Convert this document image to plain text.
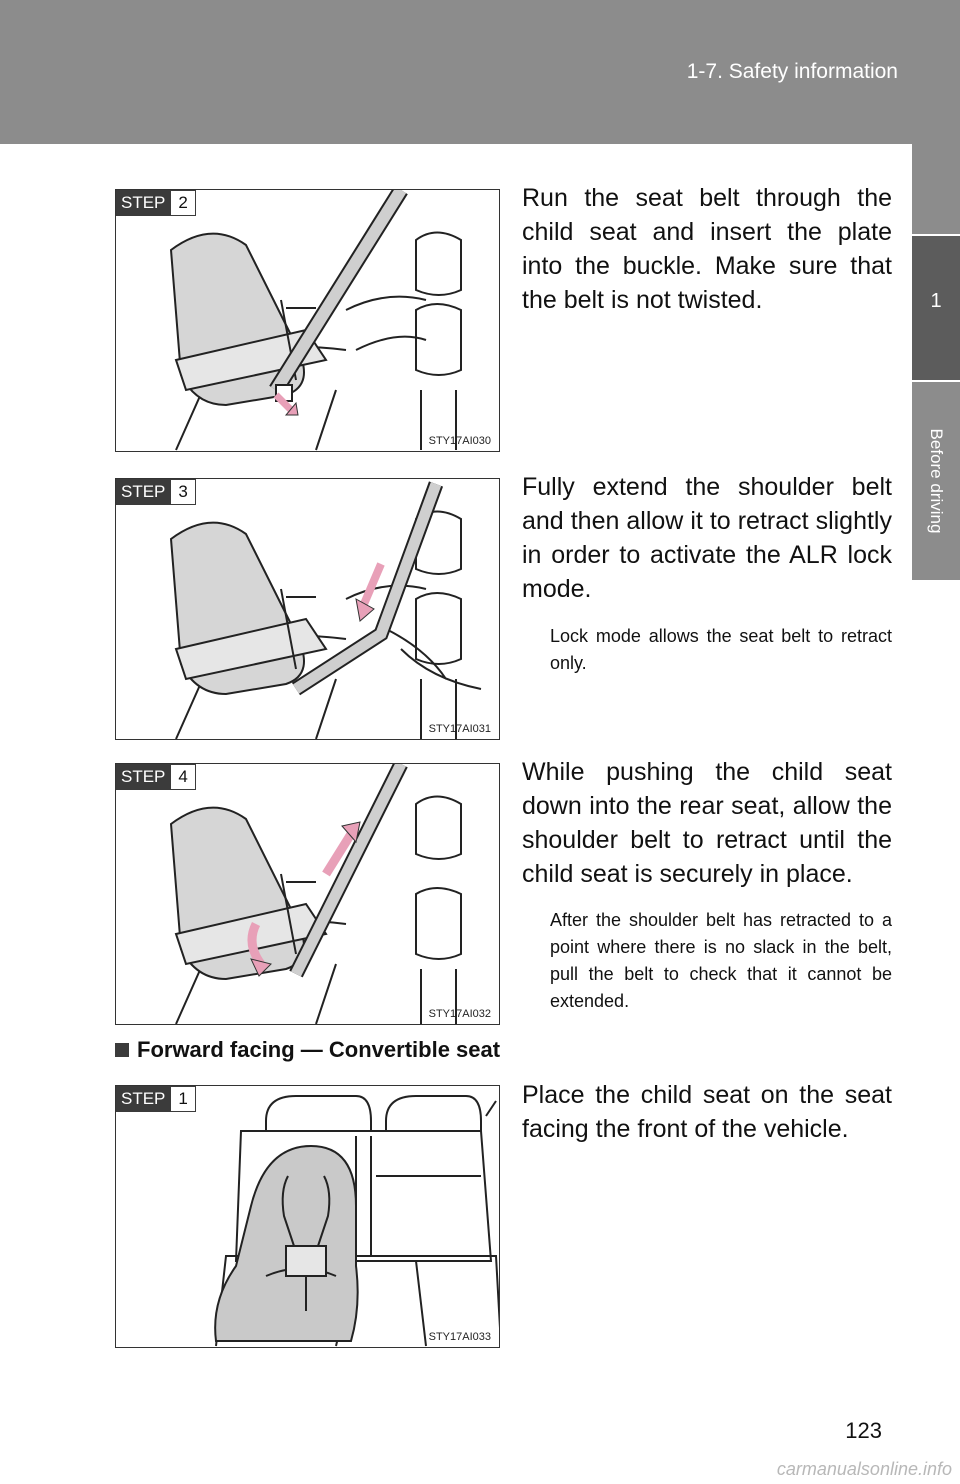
1-7. Safety information
1
Before driving
STEP 2
STY17AI030
Run the seat belt through the child seat and insert the plate into the buckle. Make sure that the belt is not twisted.
STEP 3
STY17AI031
Fully extend the shoulder belt and then allow it to retract slightly in order to activate the ALR lock mode.
Lock mode allows the seat belt to retract only.
STEP 4
STY17AI032
While pushing the child seat down into the rear seat, allow the shoulder belt to retract until the child seat is securely in place.
After the shoulder belt has retracted to a point where there is no slack in the belt, pull the belt to check that it cannot be extended.
Forward facing — Convertible seat
STEP 1
STY17AI033
Place the child seat on the seat facing the front of the vehicle.
123
carmanualsonline.info
